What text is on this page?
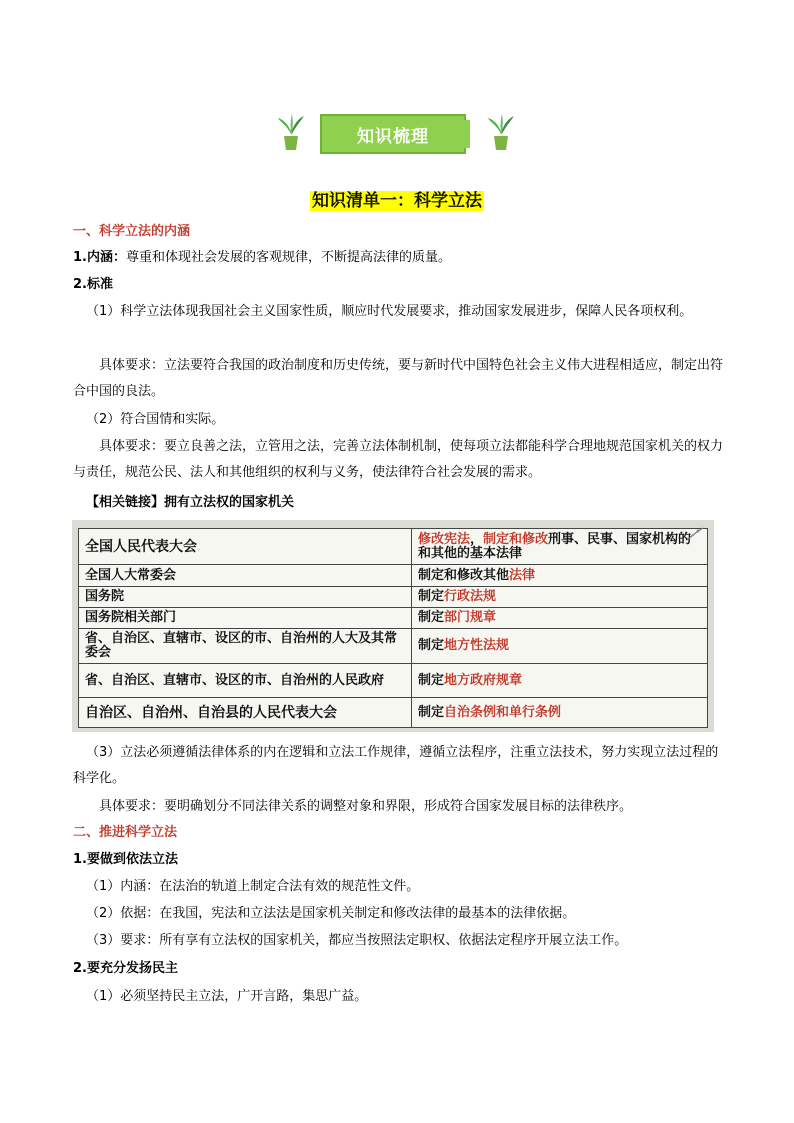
知识梳理
知识清单一：科学立法
一、科学立法的内涵
1.内涵：尊重和体现社会发展的客观规律，不断提高法律的质量。
2.标准
（1）科学立法体现我国社会主义国家性质，顺应时代发展要求，推动国家发展进步，保障人民各项权利。
具体要求：立法要符合我国的政治制度和历史传统，要与新时代中国特色社会主义伟大进程相适应，制定出符合中国的良法。
（2）符合国情和实际。
具体要求：要立良善之法，立管用之法，完善立法体制机制，使每项立法都能科学合理地规范国家机关的权力与责任，规范公民、法人和其他组织的权利与义务，使法律符合社会发展的需求。
【相关链接】拥有立法权的国家机关
全国人民代表大会	修改宪法，制定和修改刑事、民事、国家机构的和其他的基本法律
全国人大常委会	制定和修改其他法律
国务院	制定行政法规
国务院相关部门	制定部门规章
省、自治区、直辖市、设区的市、自治州的人大及其常委会	制定地方性法规
省、自治区、直辖市、设区的市、自治州的人民政府	制定地方政府规章
自治区、自治州、自治县的人民代表大会	制定自治条例和单行条例
（3）立法必须遵循法律体系的内在逻辑和立法工作规律，遵循立法程序，注重立法技术，努力实现立法过程的科学化。
具体要求：要明确划分不同法律关系的调整对象和界限，形成符合国家发展目标的法律秩序。
二、推进科学立法
1.要做到依法立法
（1）内涵：在法治的轨道上制定合法有效的规范性文件。
（2）依据：在我国，宪法和立法法是国家机关制定和修改法律的最基本的法律依据。
（3）要求：所有享有立法权的国家机关，都应当按照法定职权、依据法定程序开展立法工作。
2.要充分发扬民主
（1）必须坚持民主立法，广开言路，集思广益。
